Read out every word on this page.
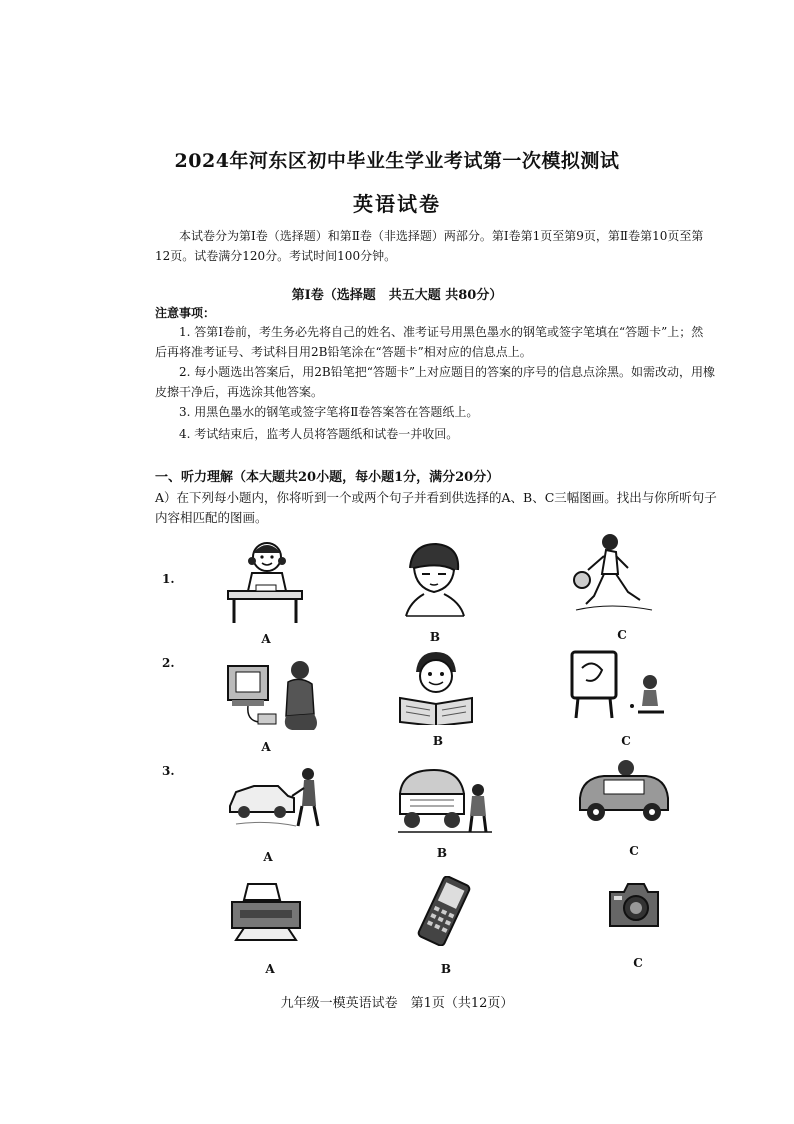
2024年河东区初中毕业生学业考试第一次模拟测试
英语试卷
本试卷分为第Ⅰ卷（选择题）和第Ⅱ卷（非选择题）两部分。第Ⅰ卷第1页至第9页，第Ⅱ卷第10页至第12页。试卷满分120分。考试时间100分钟。
第Ⅰ卷（选择题　共五大题 共80分）
注意事项：
1. 答第Ⅰ卷前，考生务必先将自己的姓名、准考证号用黑色墨水的钢笔或签字笔填在“答题卡”上；然后再将准考证号、考试科目用2B铅笔涂在“答题卡”相对应的信息点上。
2. 每小题选出答案后，用2B铅笔把“答题卡”上对应题目的答案的序号的信息点涂黑。如需改动，用橡皮擦干净后，再选涂其他答案。
3. 用黑色墨水的钢笔或签字笔将Ⅱ卷答案答在答题纸上。
4. 考试结束后，监考人员将答题纸和试卷一并收回。
一、听力理解（本大题共20小题，每小题1分，满分20分）
A）在下列每小题内，你将听到一个或两个句子并看到供选择的A、B、C三幅图画。找出与你所听句子内容相匹配的图画。
1.
A	B	C
2.
A	B	C
3.
A	B	C
A	B	C
九年级一模英语试卷　第1页（共12页）
